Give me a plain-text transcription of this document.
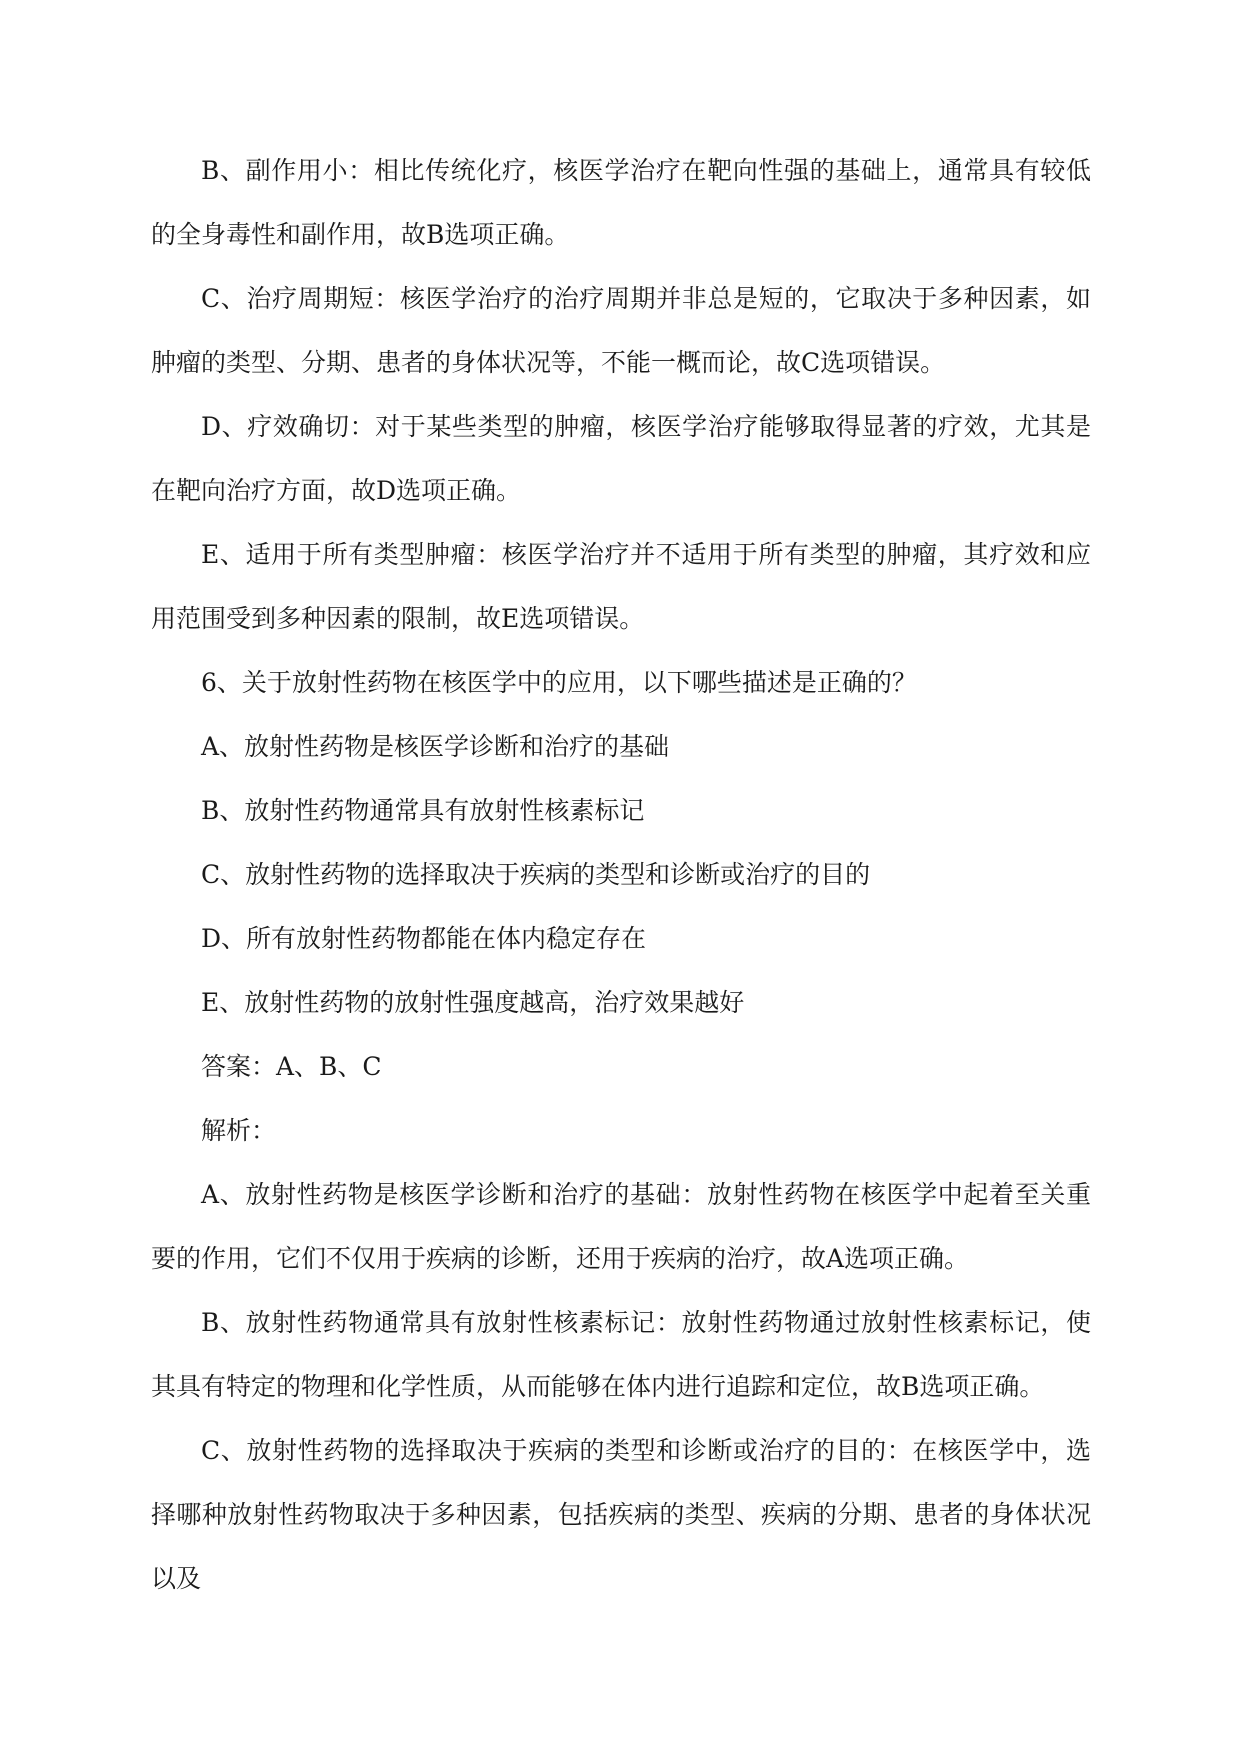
B、副作用小：相比传统化疗，核医学治疗在靶向性强的基础上，通常具有较低的全身毒性和副作用，故B选项正确。

C、治疗周期短：核医学治疗的治疗周期并非总是短的，它取决于多种因素，如肿瘤的类型、分期、患者的身体状况等，不能一概而论，故C选项错误。

D、疗效确切：对于某些类型的肿瘤，核医学治疗能够取得显著的疗效，尤其是在靶向治疗方面，故D选项正确。

E、适用于所有类型肿瘤：核医学治疗并不适用于所有类型的肿瘤，其疗效和应用范围受到多种因素的限制，故E选项错误。

6、关于放射性药物在核医学中的应用，以下哪些描述是正确的？

A、放射性药物是核医学诊断和治疗的基础

B、放射性药物通常具有放射性核素标记

C、放射性药物的选择取决于疾病的类型和诊断或治疗的目的

D、所有放射性药物都能在体内稳定存在

E、放射性药物的放射性强度越高，治疗效果越好

答案：A、B、C

解析：

A、放射性药物是核医学诊断和治疗的基础：放射性药物在核医学中起着至关重要的作用，它们不仅用于疾病的诊断，还用于疾病的治疗，故A选项正确。

B、放射性药物通常具有放射性核素标记：放射性药物通过放射性核素标记，使其具有特定的物理和化学性质，从而能够在体内进行追踪和定位，故B选项正确。

C、放射性药物的选择取决于疾病的类型和诊断或治疗的目的：在核医学中，选择哪种放射性药物取决于多种因素，包括疾病的类型、疾病的分期、患者的身体状况以及
